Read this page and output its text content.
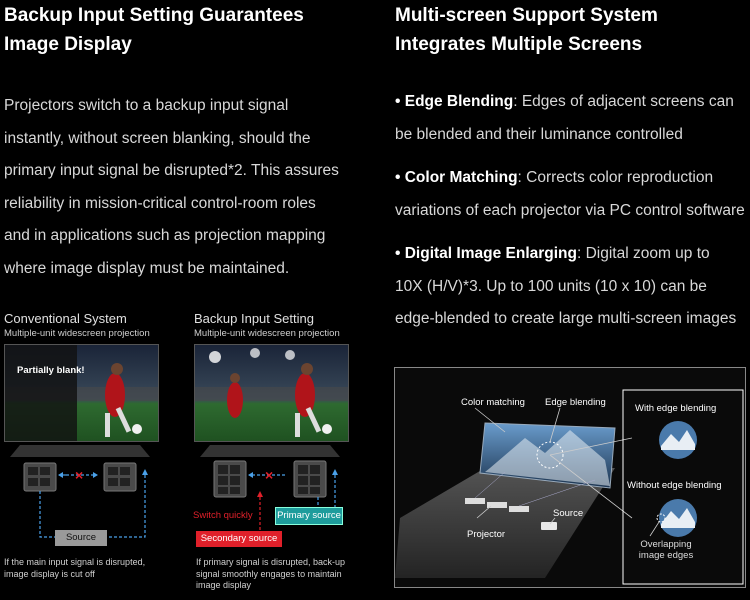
Backup Input Setting Guarantees
Image Display
Projectors switch to a backup input signal
instantly, without screen blanking, should the
primary input signal be disrupted*2. This assures
reliability in mission-critical control-room roles
and in applications such as projection mapping
where image display must be maintained.
Conventional System
Multiple-unit widescreen projection
Partially blank!
×
Source
If the main input signal is disrupted,
image display is cut off
Backup Input Setting
Multiple-unit widescreen projection
×
Switch quickly	Primary source
Secondary source
If primary signal is disrupted, back-up
signal smoothly engages to maintain
image display
Multi-screen Support System
Integrates Multiple Screens
• Edge Blending: Edges of adjacent screens can
be blended and their luminance controlled
• Color Matching: Corrects color reproduction
variations of each projector via PC control software
• Digital Image Enlarging: Digital zoom up to
10X (H/V)*3. Up to 100 units (10 x 10) can be
edge-blended to create large multi-screen images
Color matching Edge blending
Source
Projector
With edge blending
Without edge blending
Overlapping
image edges
